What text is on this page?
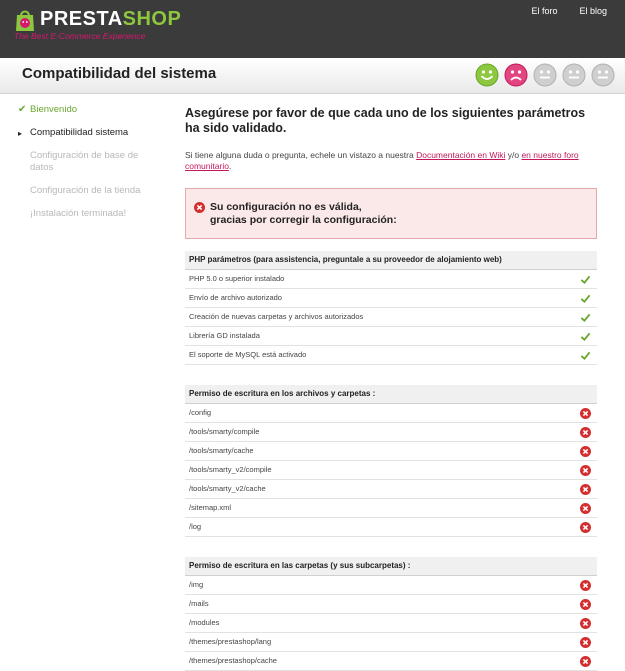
PRESTASHOP
The Best E-Commerce Experience
El foro El blog
Compatibilidad del sistema
✔ Bienvenido
▸ Compatibilidad sistema
Configuración de base de datos
Configuración de la tienda
¡Instalación terminada!
Asegúrese por favor de que cada uno de los siguientes parámetros ha sido validado.
Si tiene alguna duda o pregunta, echele un vistazo a nuestra Documentación en Wiki y/o en nuestro foro comunitario.
Su configuración no es válida,
gracias por corregir la configuración:
PHP parámetros (para assistencia, preguntale a su proveedor de alojamiento web)
PHP 5.0 o superior instalado
Envío de archivo autorizado
Creación de nuevas carpetas y archivos autorizados
Librería GD instalada
El soporte de MySQL está activado
Permiso de escritura en los archivos y carpetas :
/config
/tools/smarty/compile
/tools/smarty/cache
/tools/smarty_v2/compile
/tools/smarty_v2/cache
/sitemap.xml
/log
Permiso de escritura en las carpetas (y sus subcarpetas) :
/img
/mails
/modules
/themes/prestashop/lang
/themes/prestashop/cache
